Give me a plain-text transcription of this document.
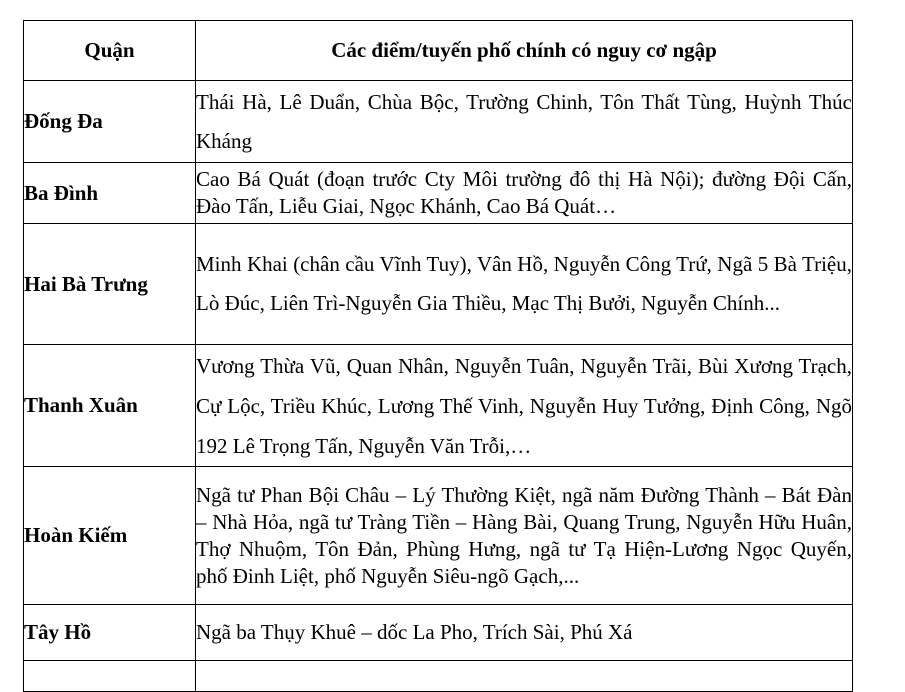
Quận	Các điểm/tuyến phố chính có nguy cơ ngập
Đống Đa	Thái Hà, Lê Duẩn, Chùa Bộc, Trường Chinh, Tôn Thất Tùng, Huỳnh Thúc Kháng
Ba Đình	Cao Bá Quát (đoạn trước Cty Môi trường đô thị Hà Nội); đường Đội Cấn, Đào Tấn, Liễu Giai, Ngọc Khánh, Cao Bá Quát…
Hai Bà Trưng	Minh Khai (chân cầu Vĩnh Tuy), Vân Hồ, Nguyễn Công Trứ, Ngã 5 Bà Triệu, Lò Đúc, Liên Trì-Nguyễn Gia Thiều, Mạc Thị Bưởi, Nguyễn Chính...
Thanh Xuân	Vương Thừa Vũ, Quan Nhân, Nguyễn Tuân, Nguyễn Trãi, Bùi Xương Trạch, Cự Lộc, Triều Khúc, Lương Thế Vinh, Nguyễn Huy Tưởng, Định Công, Ngõ 192 Lê Trọng Tấn, Nguyễn Văn Trỗi,…
Hoàn Kiếm	Ngã tư Phan Bội Châu – Lý Thường Kiệt, ngã năm Đường Thành – Bát Đàn – Nhà Hỏa, ngã tư Tràng Tiền – Hàng Bài, Quang Trung, Nguyễn Hữu Huân, Thợ Nhuộm, Tôn Đản, Phùng Hưng, ngã tư Tạ Hiện-Lương Ngọc Quyến, phố Đinh Liệt, phố Nguyễn Siêu-ngõ Gạch,...
Tây Hồ	Ngã ba Thụy Khuê – dốc La Pho, Trích Sài, Phú Xá
